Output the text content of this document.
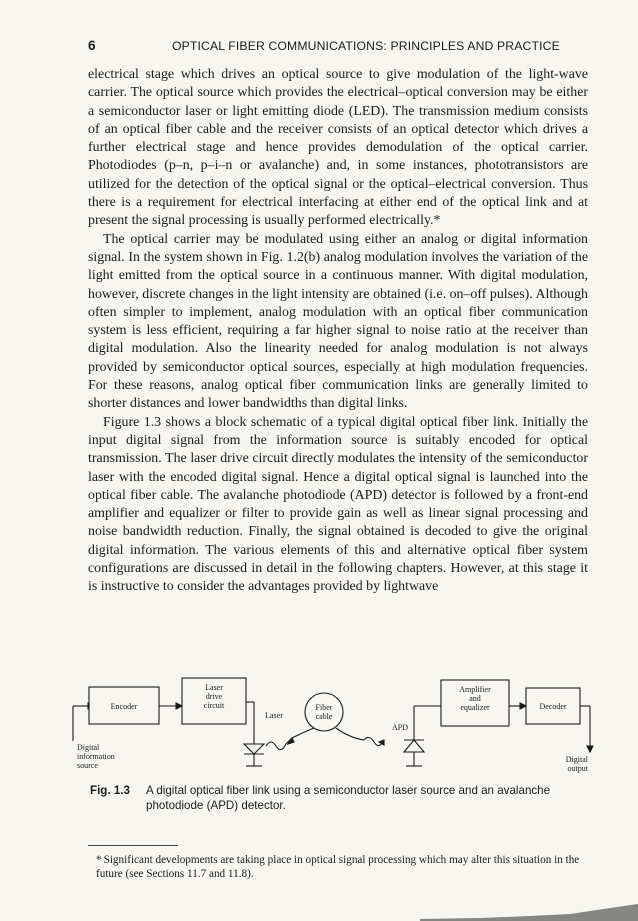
6	OPTICAL FIBER COMMUNICATIONS: PRINCIPLES AND PRACTICE

electrical stage which drives an optical source to give modulation of the light-wave carrier. The optical source which provides the electrical–optical conversion may be either a semiconductor laser or light emitting diode (LED). The transmission medium consists of an optical fiber cable and the receiver consists of an optical detector which drives a further electrical stage and hence provides demodulation of the optical carrier. Photodiodes (p–n, p–i–n or avalanche) and, in some instances, phototransistors are utilized for the detection of the optical signal or the optical–electrical conversion. Thus there is a requirement for electrical interfacing at either end of the optical link and at present the signal processing is usually performed electrically.*

The optical carrier may be modulated using either an analog or digital information signal. In the system shown in Fig. 1.2(b) analog modulation involves the variation of the light emitted from the optical source in a continuous manner. With digital modulation, however, discrete changes in the light intensity are obtained (i.e. on–off pulses). Although often simpler to implement, analog modulation with an optical fiber communication system is less efficient, requiring a far higher signal to noise ratio at the receiver than digital modulation. Also the linearity needed for analog modulation is not always provided by semiconductor optical sources, especially at high modulation frequencies. For these reasons, analog optical fiber communication links are generally limited to shorter distances and lower bandwidths than digital links.

Figure 1.3 shows a block schematic of a typical digital optical fiber link. Initially the input digital signal from the information source is suitably encoded for optical transmission. The laser drive circuit directly modulates the intensity of the semiconductor laser with the encoded digital signal. Hence a digital optical signal is launched into the optical fiber cable. The avalanche photodiode (APD) detector is followed by a front-end amplifier and equalizer or filter to provide gain as well as linear signal processing and noise bandwidth reduction. Finally, the signal obtained is decoded to give the original digital information. The various elements of this and alternative optical fiber system configurations are discussed in detail in the following chapters. However, at this stage it is instructive to consider the advantages provided by lightwave

Encoder
Laser
drive
circuit
Laser
Fiber
cable
APD
Amplifier
and
equalizer	Decoder
Digital
information
source
Digital
output
Fig. 1.3 A digital optical fiber link using a semiconductor laser source and an avalanche photodiode (APD) detector.
* Significant developments are taking place in optical signal processing which may alter this situation in the future (see Sections 11.7 and 11.8).
